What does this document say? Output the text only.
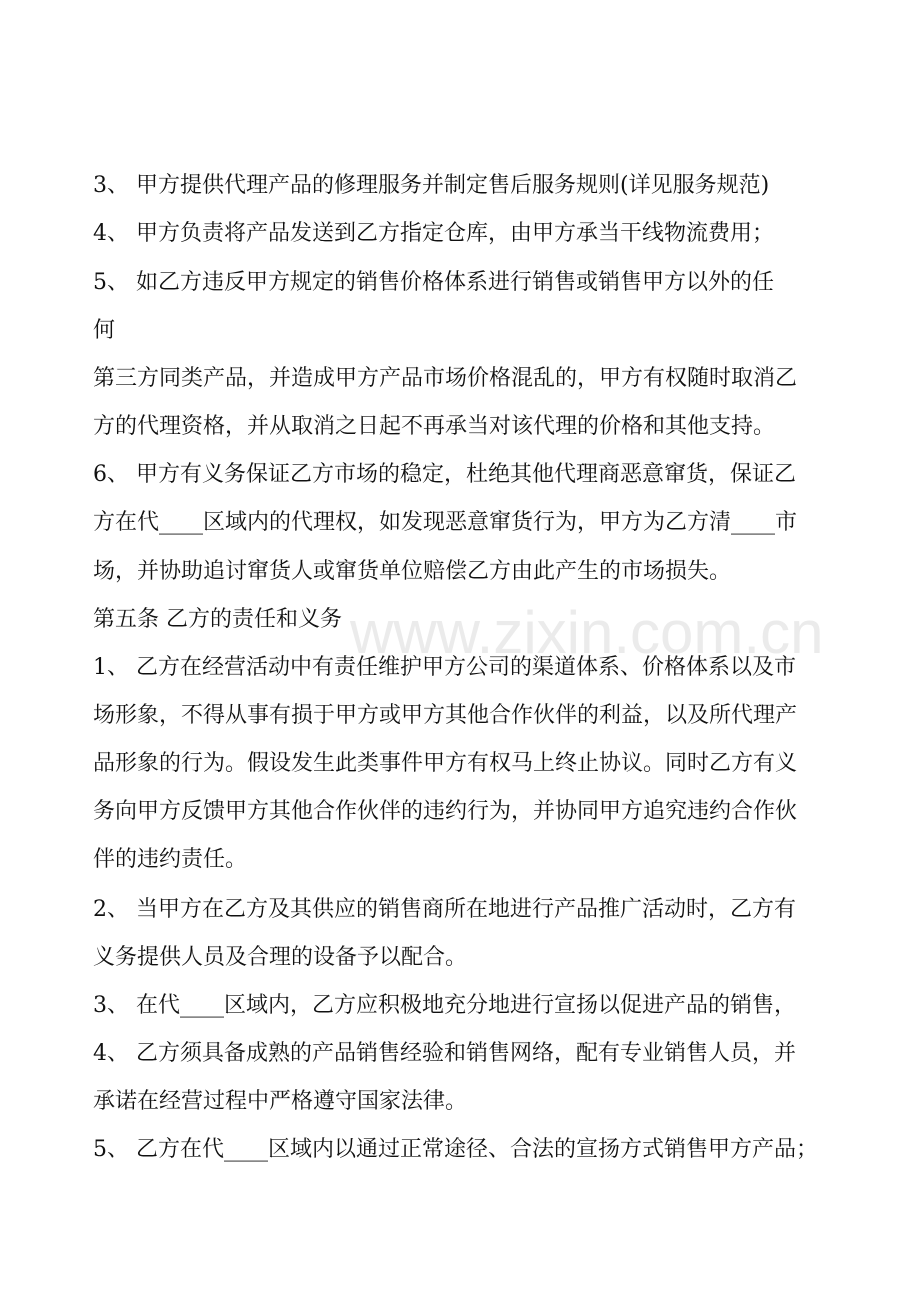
www.zixin.com.cn
3、 甲方提供代理产品的修理服务并制定售后服务规则(详见服务规范)
4、 甲方负责将产品发送到乙方指定仓库，由甲方承当干线物流费用；
5、 如乙方违反甲方规定的销售价格体系进行销售或销售甲方以外的任
何
第三方同类产品，并造成甲方产品市场价格混乱的，甲方有权随时取消乙
方的代理资格，并从取消之日起不再承当对该代理的价格和其他支持。
6、 甲方有义务保证乙方市场的稳定，杜绝其他代理商恶意窜货，保证乙
方在代____区域内的代理权，如发现恶意窜货行为，甲方为乙方清____市
场，并协助追讨窜货人或窜货单位赔偿乙方由此产生的市场损失。
第五条 乙方的责任和义务
1、 乙方在经营活动中有责任维护甲方公司的渠道体系、价格体系以及市
场形象，不得从事有损于甲方或甲方其他合作伙伴的利益，以及所代理产
品形象的行为。假设发生此类事件甲方有权马上终止协议。同时乙方有义
务向甲方反馈甲方其他合作伙伴的违约行为，并协同甲方追究违约合作伙
伴的违约责任。
2、 当甲方在乙方及其供应的销售商所在地进行产品推广活动时，乙方有
义务提供人员及合理的设备予以配合。
3、 在代____区域内，乙方应积极地充分地进行宣扬以促进产品的销售，
4、 乙方须具备成熟的产品销售经验和销售网络，配有专业销售人员，并
承诺在经营过程中严格遵守国家法律。
5、 乙方在代____区域内以通过正常途径、合法的宣扬方式销售甲方产品；
